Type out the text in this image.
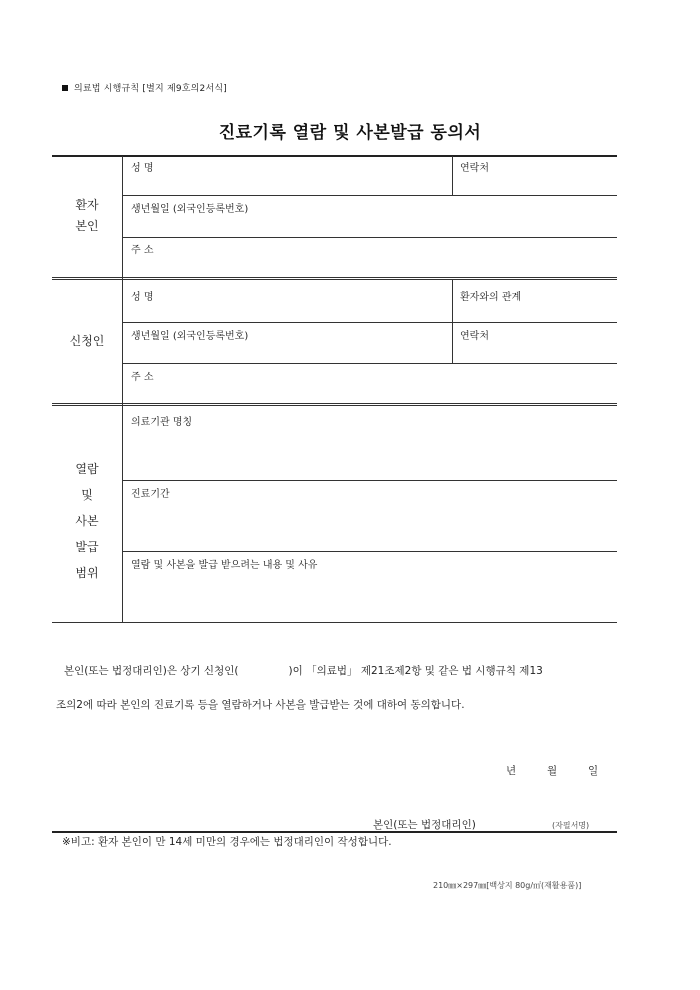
의료법 시행규칙 [별지 제9호의2서식]
진료기록 열람 및 사본발급 동의서
환자
본인
성 명	연락처
생년월일 (외국인등록번호)
주 소
신청인
성 명	환자와의 관계
생년월일 (외국인등록번호)	연락처
주 소
열람
및
사본
발급
범위
의료기관 명칭
진료기간
열람 및 사본을 발급 받으려는 내용 및 사유
본인(또는 법정대리인)은 상기 신청인(               )이 「의료법」 제21조제2항 및 같은 법 시행규칙 제13
조의2에 따라 본인의 진료기록 등을 열람하거나 사본을 발급받는 것에 대하여 동의합니다.
년	월	일
본인(또는 법정대리인)	(자필서명)
※비고: 환자 본인이 만 14세 미만의 경우에는 법정대리인이 작성합니다.
210㎜×297㎜[백상지 80g/㎡(재활용품)]
